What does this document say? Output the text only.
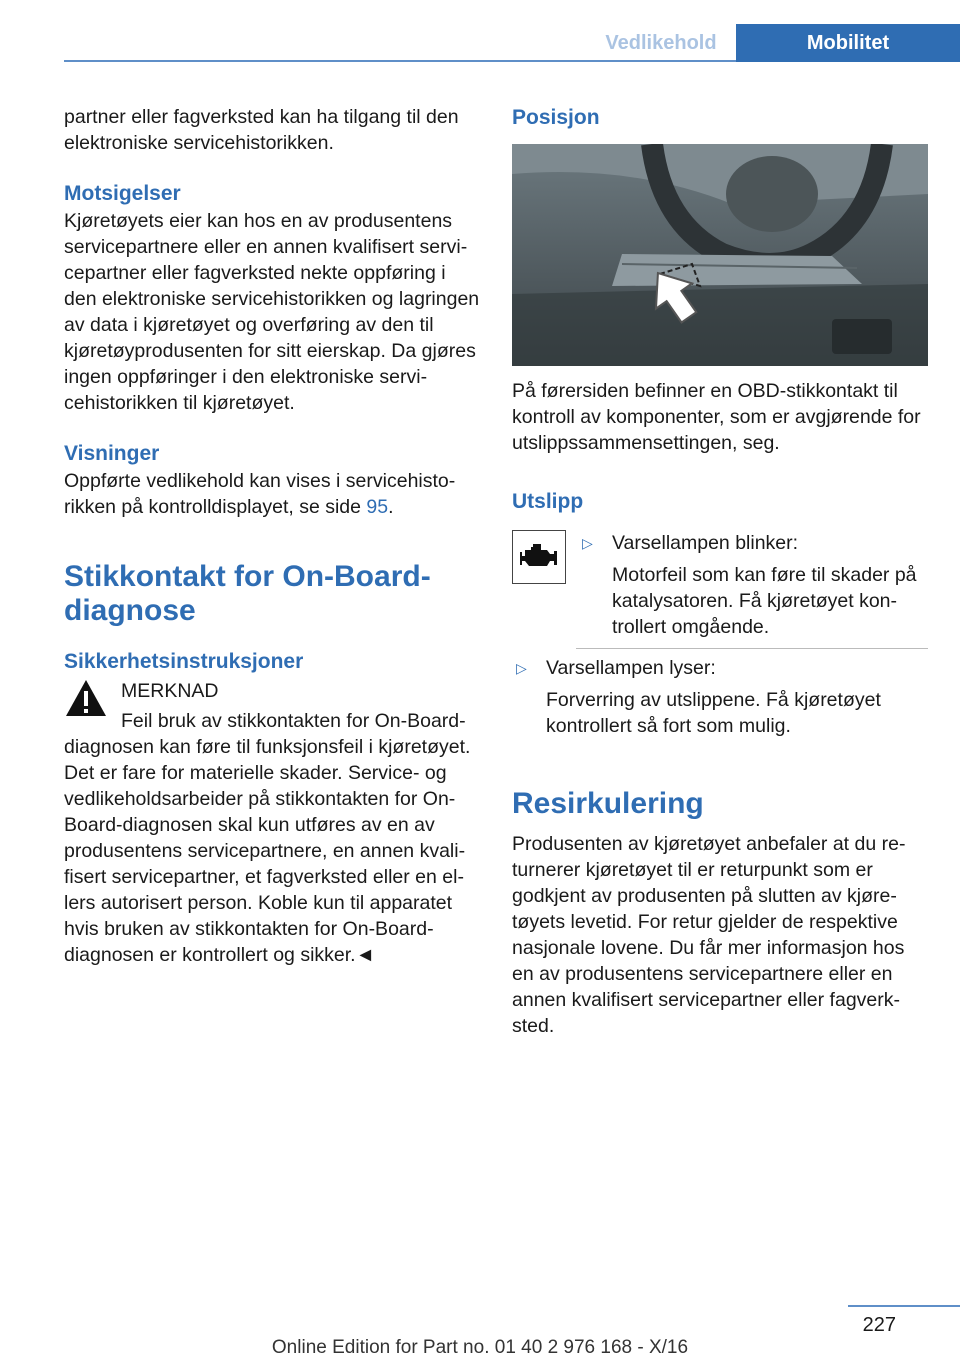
Vedlikehold	Mobilitet

partner eller fagverksted kan ha tilgang til den elektroniske servicehistorikken.

Motsigelser

Kjøretøyets eier kan hos en av produsentens servicepartnere eller en annen kvalifisert servicepartner eller fagverksted nekte oppføring i den elektroniske servicehistorikken og lagringen av data i kjøretøyet og overføring av den til kjøretøyprodusenten for sitt eierskap. Da gjøres ingen oppføringer i den elektroniske servicehistorikken til kjøretøyet.

Visninger

Oppførte vedlikehold kan vises i servicehistorikken på kontrolldisplayet, se side 95.

Stikkontakt for On-Board-diagnose
Sikkerhetsinstruksjoner

MERKNAD

Feil bruk av stikkontakten for On-Board-

diagnosen kan føre til funksjonsfeil i kjøretøyet. Det er fare for materielle skader. Service- og vedlikeholdsarbeider på stikkontakten for On-Board-diagnosen skal kun utføres av en av produsentens servicepartnere, en annen kvalifisert servicepartner, et fagverksted eller en ellers autorisert person. Koble kun til apparatet hvis bruken av stikkontakten for On-Board-diagnosen er kontrollert og sikker.◄

Posisjon

På førersiden befinner en OBD-stikkontakt til kontroll av komponenter, som er avgjørende for utslippssammensettingen, seg.

Utslipp
▷ Varsellampen blinker:

Motorfeil som kan føre til skader på katalysatoren. Få kjøretøyet kontrollert omgående.

▷ Varsellampen lyser:

Forverring av utslippene. Få kjøretøyet kontrollert så fort som mulig.

Resirkulering

Produsenten av kjøretøyet anbefaler at du returnerer kjøretøyet til er returpunkt som er godkjent av produsenten på slutten av kjøretøyets levetid. For retur gjelder de respektive nasjonale lovene. Du får mer informasjon hos en av produsentens servicepartnere eller en annen kvalifisert servicepartner eller fagverksted.

227
Online Edition for Part no. 01 40 2 976 168 - X/16
